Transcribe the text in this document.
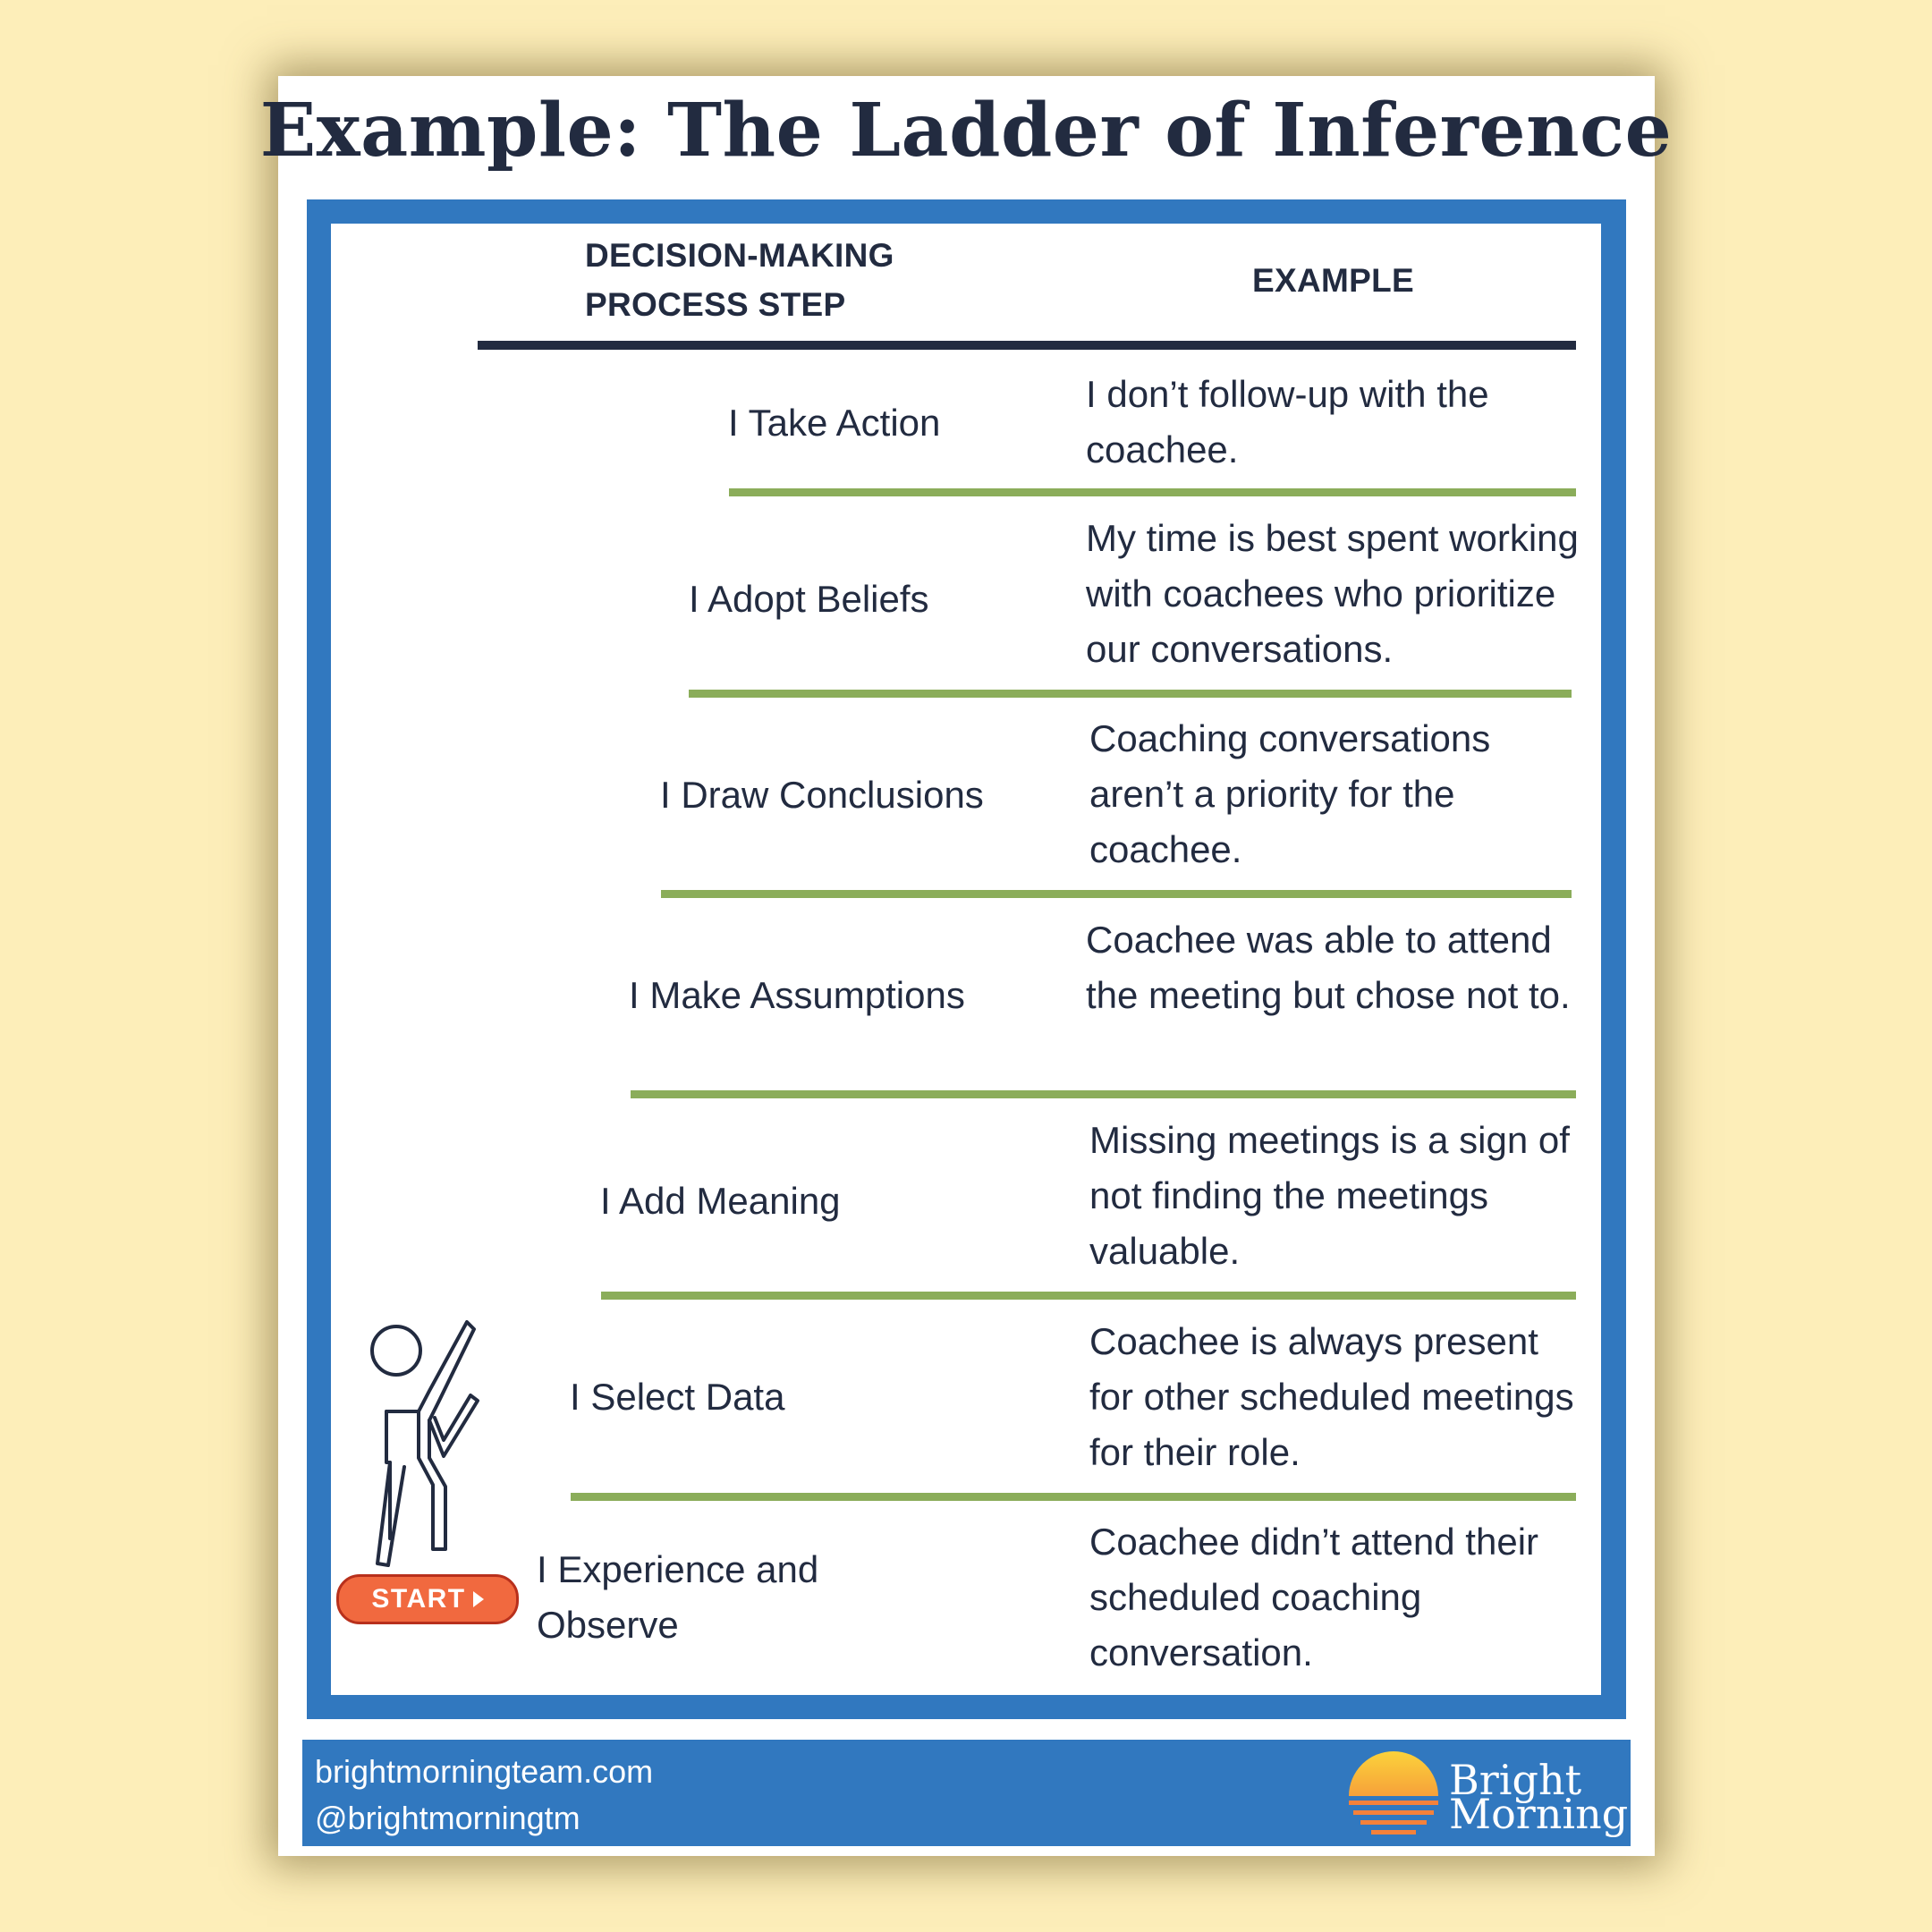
Example: The Ladder of Inference
DECISION-MAKING
PROCESS STEP
EXAMPLE
I Take Action
I don’t follow-up with the coachee.
I Adopt Beliefs
My time is best spent working with coachees who prioritize our conversations.
I Draw Conclusions
Coaching conversations aren’t a priority for the coachee.
I Make Assumptions
Coachee was able to attend the meeting but chose not to.
I Add Meaning
Missing meetings is a sign of not finding the meetings valuable.
I Select Data
Coachee is always present for other scheduled meetings for their role.
I Experience and Observe
Coachee didn’t attend their scheduled coaching conversation.
START
brightmorningteam.com
@brightmorningtm
Bright
Morning
